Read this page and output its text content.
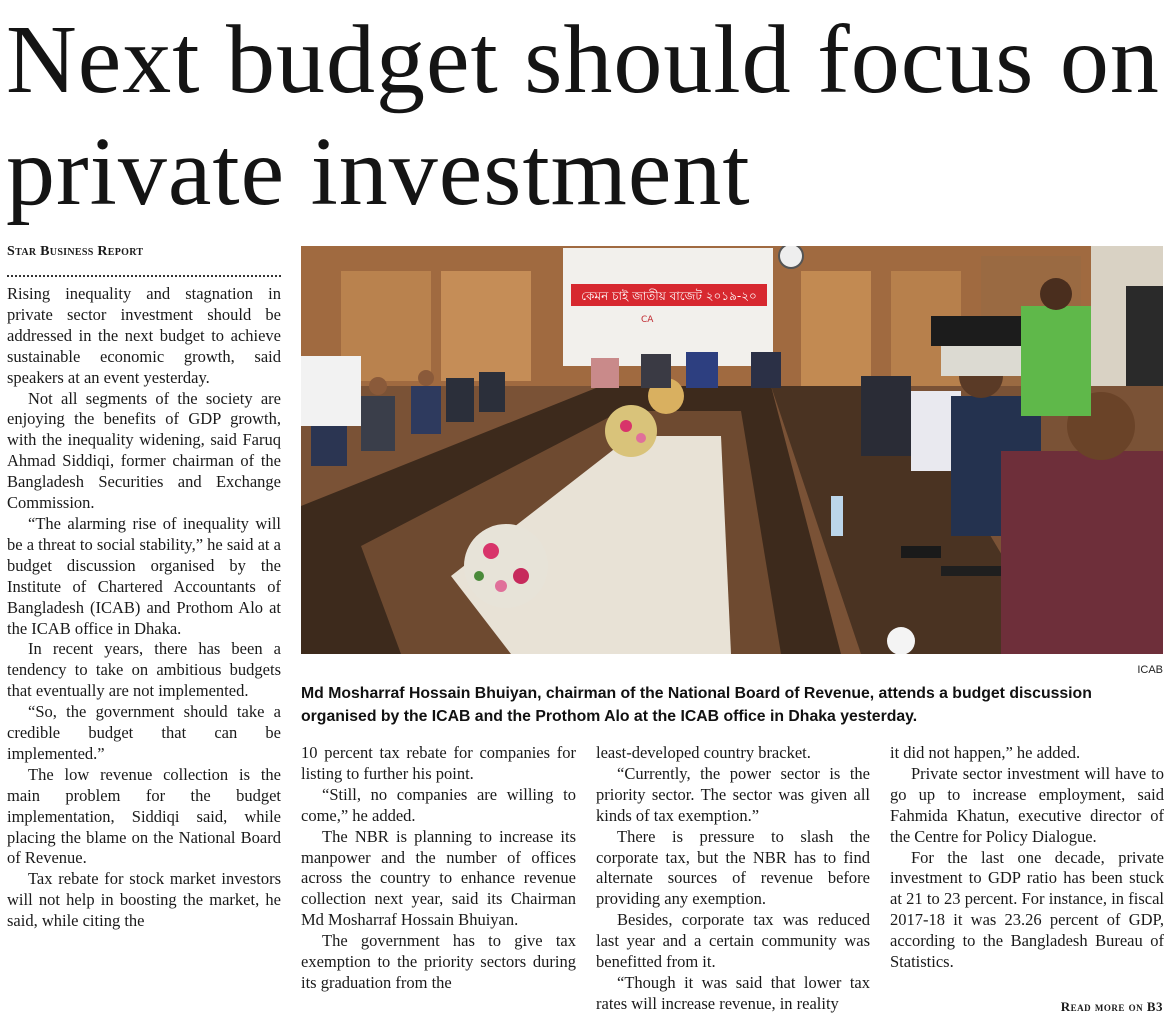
Next budget should focus on private investment
Star Business Report

Rising inequality and stagnation in private sector investment should be addressed in the next budget to achieve sustainable economic growth, said speakers at an event yesterday.

Not all segments of the society are enjoying the benefits of GDP growth, with the inequality widening, said Faruq Ahmad Siddiqi, former chairman of the Bangladesh Securities and Exchange Commission.

“The alarming rise of inequality will be a threat to social stability,” he said at a budget discussion organised by the Institute of Chartered Accountants of Bangladesh (ICAB) and Prothom Alo at the ICAB office in Dhaka.

In recent years, there has been a tendency to take on ambitious budgets that eventually are not implemented.

“So, the government should take a credible budget that can be implemented.”

The low revenue collection is the main problem for the budget implementation, Siddiqi said, while placing the blame on the National Board of Revenue.

Tax rebate for stock market investors will not help in boosting the market, he said, while citing the

কেমন চাই জাতীয় বাজেট ২০১৯-২০
CA
ICAB
Md Mosharraf Hossain Bhuiyan, chairman of the National Board of Revenue, attends a budget discussion organised by the ICAB and the Prothom Alo at the ICAB office in Dhaka yesterday.

10 percent tax rebate for companies for listing to further his point.

“Still, no companies are willing to come,” he added.

The NBR is planning to increase its manpower and the number of offices across the country to enhance revenue collection next year, said its Chairman Md Mosharraf Hossain Bhuiyan.

The government has to give tax exemption to the priority sectors during its graduation from the

least-developed country bracket.

“Currently, the power sector is the priority sector. The sector was given all kinds of tax exemption.”

There is pressure to slash the corporate tax, but the NBR has to find alternate sources of revenue before providing any exemption.

Besides, corporate tax was reduced last year and a certain community was benefitted from it.

“Though it was said that lower tax rates will increase revenue, in reality

it did not happen,” he added.

Private sector investment will have to go up to increase employment, said Fahmida Khatun, executive director of the Centre for Policy Dialogue.

For the last one decade, private investment to GDP ratio has been stuck at 21 to 23 percent. For instance, in fiscal 2017-18 it was 23.26 percent of GDP, according to the Bangladesh Bureau of Statistics.

Read more on B3
